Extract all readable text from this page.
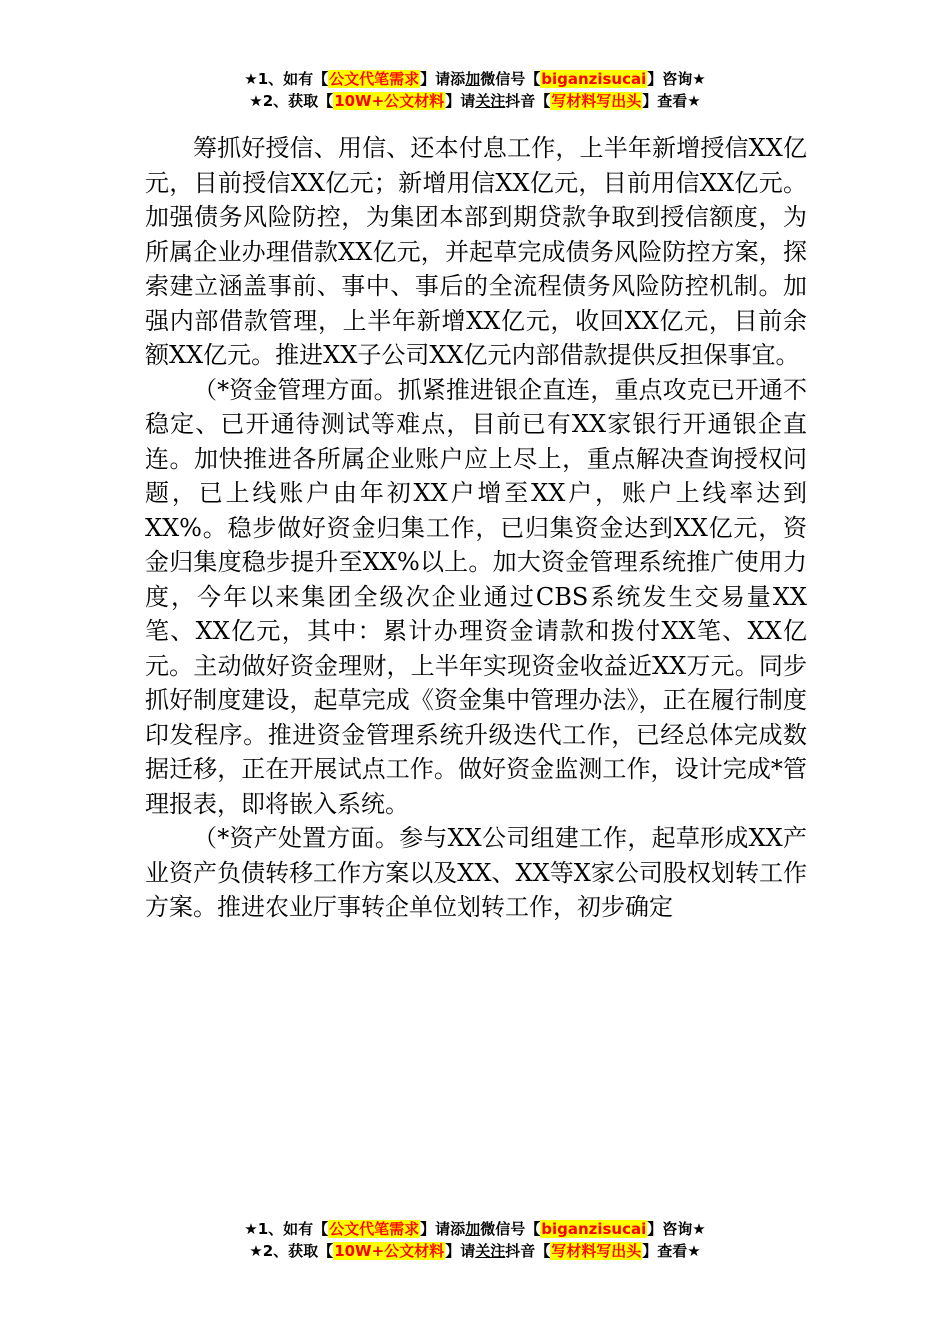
★1、如有【公文代笔需求】请添加微信号【biganzisucai】咨询★
★2、获取【10W+公文材料】请关注抖音【写材料写出头】查看★

筹抓好授信、用信、还本付息工作，上半年新增授信XX亿元，目前授信XX亿元；新增用信XX亿元，目前用信XX亿元。加强债务风险防控，为集团本部到期贷款争取到授信额度，为所属企业办理借款XX亿元，并起草完成债务风险防控方案，探索建立涵盖事前、事中、事后的全流程债务风险防控机制。加强内部借款管理，上半年新增XX亿元，收回XX亿元，目前余额XX亿元。推进XX子公司XX亿元内部借款提供反担保事宜。

（*资金管理方面。抓紧推进银企直连，重点攻克已开通不稳定、已开通待测试等难点，目前已有XX家银行开通银企直连。加快推进各所属企业账户应上尽上，重点解决查询授权问题，已上线账户由年初XX户增至XX户，账户上线率达到XX%。稳步做好资金归集工作，已归集资金达到XX亿元，资金归集度稳步提升至XX%以上。加大资金管理系统推广使用力度，今年以来集团全级次企业通过CBS系统发生交易量XX笔、XX亿元，其中：累计办理资金请款和拨付XX笔、XX亿元。主动做好资金理财，上半年实现资金收益近XX万元。同步抓好制度建设，起草完成《资金集中管理办法》，正在履行制度印发程序。推进资金管理系统升级迭代工作，已经总体完成数据迁移，正在开展试点工作。做好资金监测工作，设计完成*管理报表，即将嵌入系统。

（*资产处置方面。参与XX公司组建工作，起草形成XX产业资产负债转移工作方案以及XX、XX等X家公司股权划转工作方案。推进农业厅事转企单位划转工作，初步确定

★1、如有【公文代笔需求】请添加微信号【biganzisucai】咨询★
★2、获取【10W+公文材料】请关注抖音【写材料写出头】查看★
